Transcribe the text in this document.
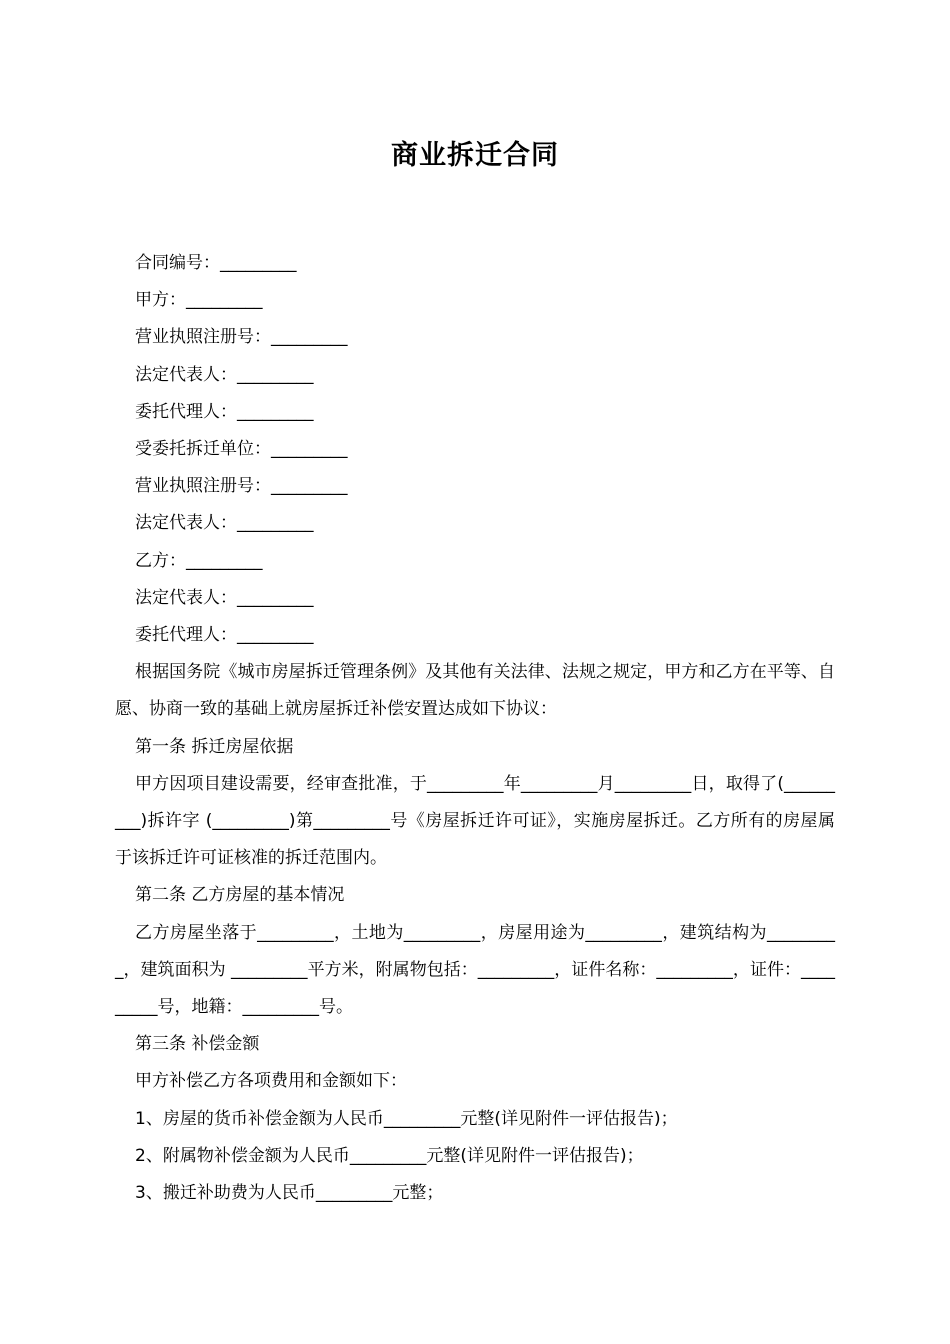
商业拆迁合同

合同编号：_________

甲方：_________

营业执照注册号：_________

法定代表人：_________

委托代理人：_________

受委托拆迁单位：_________

营业执照注册号：_________

法定代表人：_________

乙方：_________

法定代表人：_________

委托代理人：_________

根据国务院《城市房屋拆迁管理条例》及其他有关法律、法规之规定，甲方和乙方在平等、自愿、协商一致的基础上就房屋拆迁补偿安置达成如下协议：

第一条 拆迁房屋依据

甲方因项目建设需要，经审查批准，于_________年_________月_________日，取得了(_________)拆许字 (_________)第_________号《房屋拆迁许可证》，实施房屋拆迁。乙方所有的房屋属于该拆迁许可证核准的拆迁范围内。

第二条 乙方房屋的基本情况

乙方房屋坐落于_________，土地为_________，房屋用途为_________，建筑结构为_________，建筑面积为 _________平方米，附属物包括：_________，证件名称：_________，证件：_________号，地籍：_________号。

第三条 补偿金额

甲方补偿乙方各项费用和金额如下：

1、房屋的货币补偿金额为人民币_________元整(详见附件一评估报告)；

2、附属物补偿金额为人民币_________元整(详见附件一评估报告)；

3、搬迁补助费为人民币_________元整；
